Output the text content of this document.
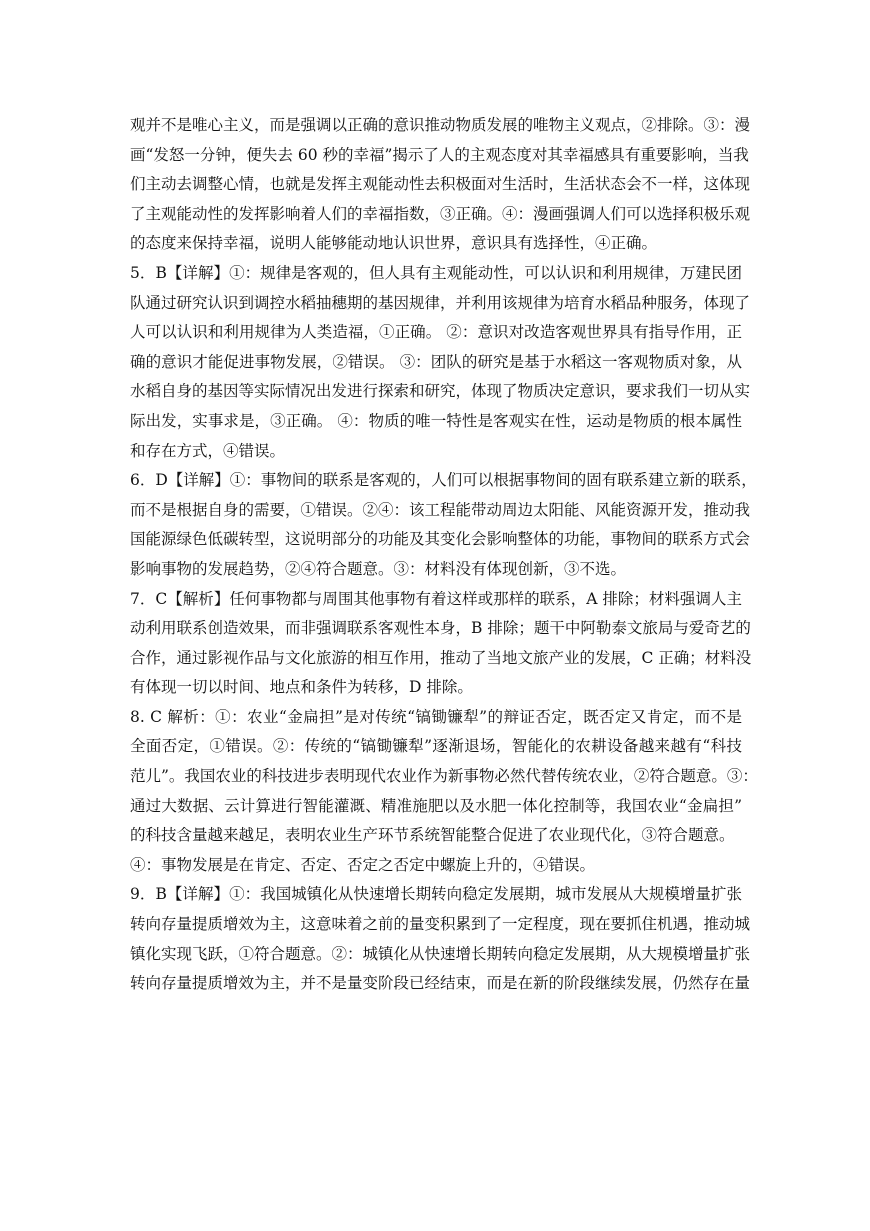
观并不是唯心主义，而是强调以正确的意识推动物质发展的唯物主义观点，②排除。③：漫
画“发怒一分钟，便失去 60 秒的幸福”揭示了人的主观态度对其幸福感具有重要影响，当我
们主动去调整心情，也就是发挥主观能动性去积极面对生活时，生活状态会不一样，这体现
了主观能动性的发挥影响着人们的幸福指数，③正确。④：漫画强调人们可以选择积极乐观
的态度来保持幸福，说明人能够能动地认识世界，意识具有选择性，④正确。
5．B【详解】①：规律是客观的，但人具有主观能动性，可以认识和利用规律，万建民团
队通过研究认识到调控水稻抽穗期的基因规律，并利用该规律为培育水稻品种服务，体现了
人可以认识和利用规律为人类造福，①正确。 ②：意识对改造客观世界具有指导作用，正
确的意识才能促进事物发展，②错误。 ③：团队的研究是基于水稻这一客观物质对象，从
水稻自身的基因等实际情况出发进行探索和研究，体现了物质决定意识，要求我们一切从实
际出发，实事求是，③正确。 ④：物质的唯一特性是客观实在性，运动是物质的根本属性
和存在方式，④错误。
6．D【详解】①：事物间的联系是客观的，人们可以根据事物间的固有联系建立新的联系，
而不是根据自身的需要，①错误。②④：该工程能带动周边太阳能、风能资源开发，推动我
国能源绿色低碳转型，这说明部分的功能及其变化会影响整体的功能，事物间的联系方式会
影响事物的发展趋势，②④符合题意。③：材料没有体现创新，③不选。
7．C【解析】任何事物都与周围其他事物有着这样或那样的联系，A 排除；材料强调人主
动利用联系创造效果，而非强调联系客观性本身，B 排除；题干中阿勒泰文旅局与爱奇艺的
合作，通过影视作品与文化旅游的相互作用，推动了当地文旅产业的发展，C 正确；材料没
有体现一切以时间、地点和条件为转移，D 排除。
8. C 解析：①：农业“金扁担”是对传统“镐锄镰犁”的辩证否定，既否定又肯定，而不是
全面否定，①错误。②：传统的“镐锄镰犁”逐渐退场，智能化的农耕设备越来越有“科技
范儿”。我国农业的科技进步表明现代农业作为新事物必然代替传统农业，②符合题意。③：
通过大数据、云计算进行智能灌溉、精准施肥以及水肥一体化控制等，我国农业“金扁担”
的科技含量越来越足，表明农业生产环节系统智能整合促进了农业现代化，③符合题意。
④：事物发展是在肯定、否定、否定之否定中螺旋上升的，④错误。
9．B【详解】①：我国城镇化从快速增长期转向稳定发展期，城市发展从大规模增量扩张
转向存量提质增效为主，这意味着之前的量变积累到了一定程度，现在要抓住机遇，推动城
镇化实现飞跃，①符合题意。②：城镇化从快速增长期转向稳定发展期，从大规模增量扩张
转向存量提质增效为主，并不是量变阶段已经结束，而是在新的阶段继续发展，仍然存在量
